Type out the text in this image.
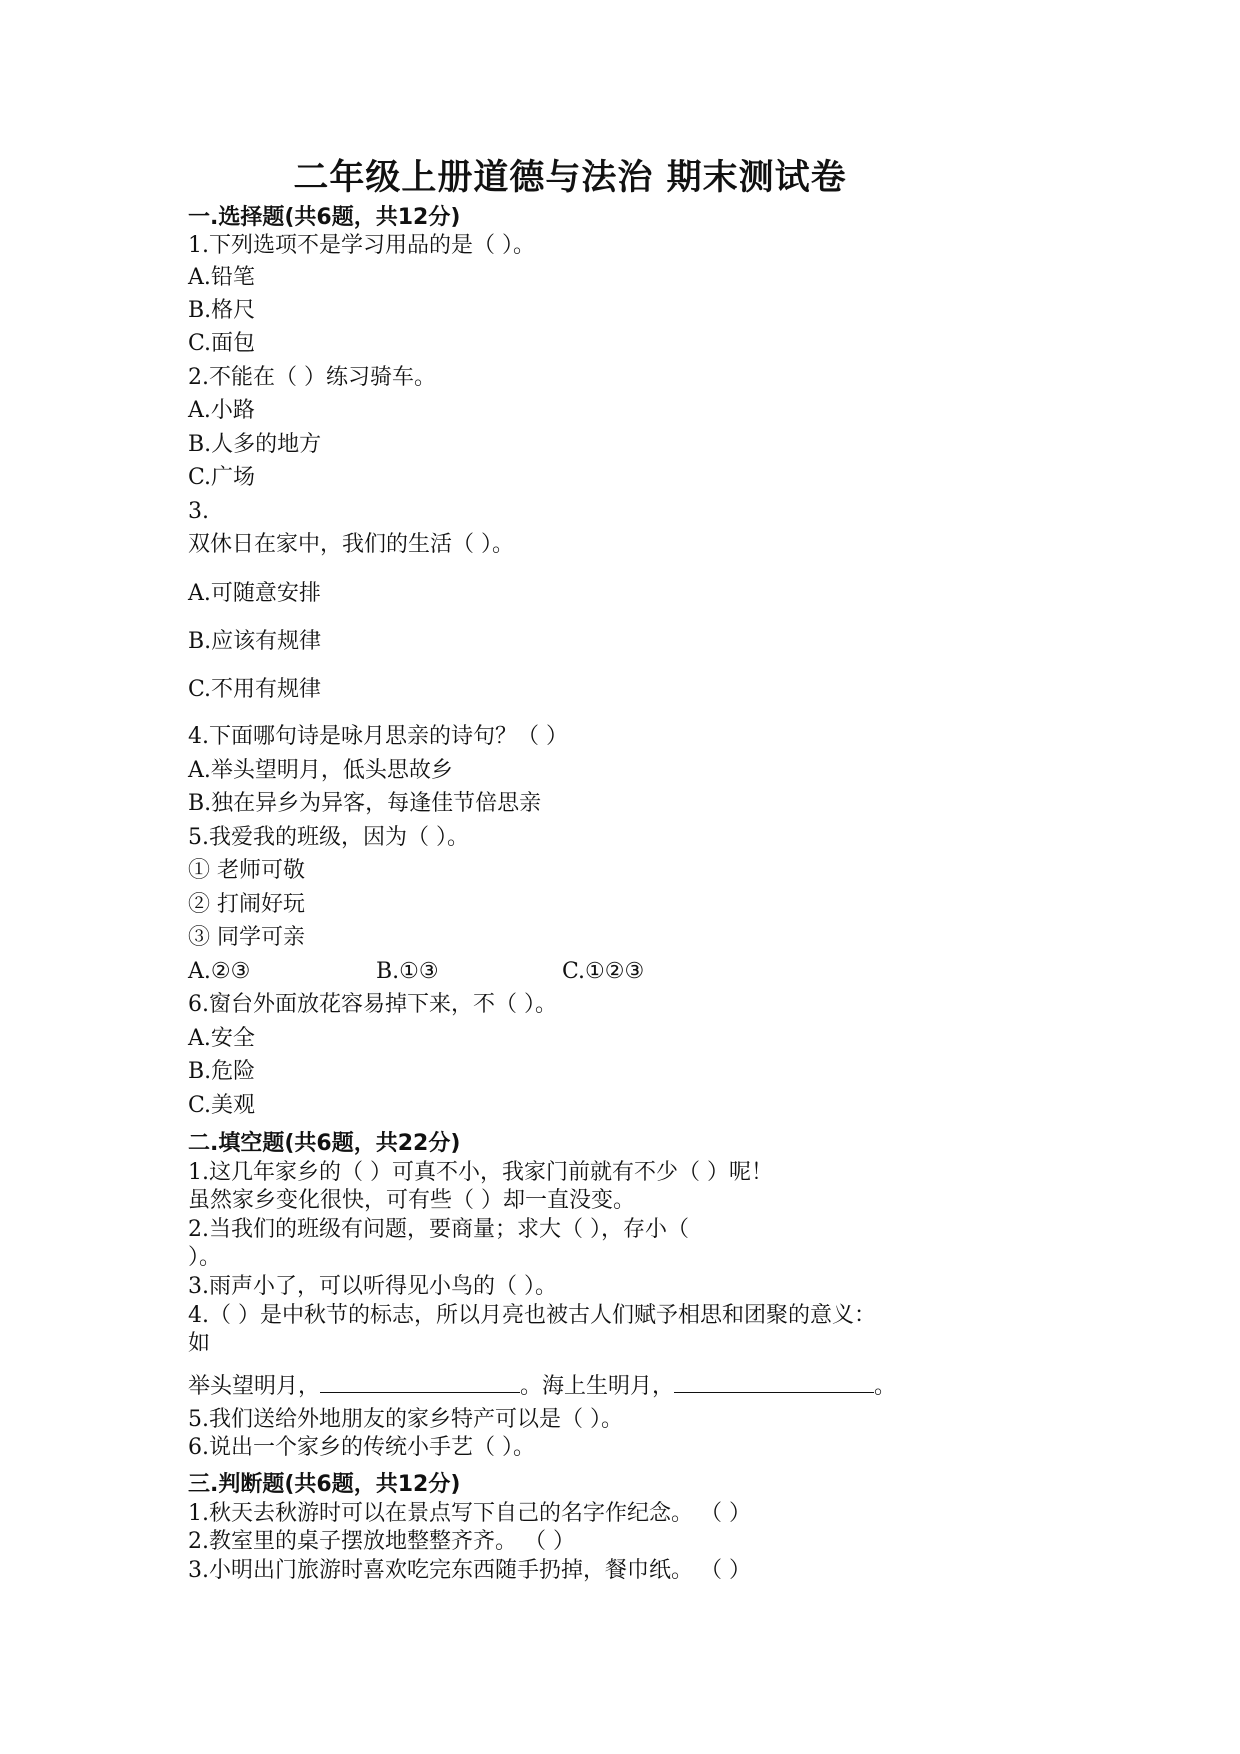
二年级上册道德与法治 期末测试卷
一.选择题(共6题，共12分)
1.下列选项不是学习用品的是（ ）。
A.铅笔
B.格尺
C.面包
2.不能在（ ）练习骑车。
A.小路
B.人多的地方
C.广场
3.
双休日在家中，我们的生活（ ）。
A.可随意安排
B.应该有规律
C.不用有规律
4.下面哪句诗是咏月思亲的诗句？（ ）
A.举头望明月，低头思故乡
B.独在异乡为异客，每逢佳节倍思亲
5.我爱我的班级，因为（ ）。
① 老师可敬
② 打闹好玩
③ 同学可亲
A.②③	B.①③	C.①②③
6.窗台外面放花容易掉下来，不（ ）。
A.安全
B.危险
C.美观
二.填空题(共6题，共22分)
1.这几年家乡的（ ）可真不小，我家门前就有不少（ ）呢！
虽然家乡变化很快，可有些（ ）却一直没变。
2.当我们的班级有问题，要商量；求大（ ），存小（
）。
3.雨声小了，可以听得见小鸟的（ ）。
4.（ ）是中秋节的标志，所以月亮也被古人们赋予相思和团聚的意义：
如
举头望明月，	。海上生明月，	。
5.我们送给外地朋友的家乡特产可以是（ ）。
6.说出一个家乡的传统小手艺（ ）。
三.判断题(共6题，共12分)
1.秋天去秋游时可以在景点写下自己的名字作纪念。 （ ）
2.教室里的桌子摆放地整整齐齐。 （ ）
3.小明出门旅游时喜欢吃完东西随手扔掉，餐巾纸。 （ ）
